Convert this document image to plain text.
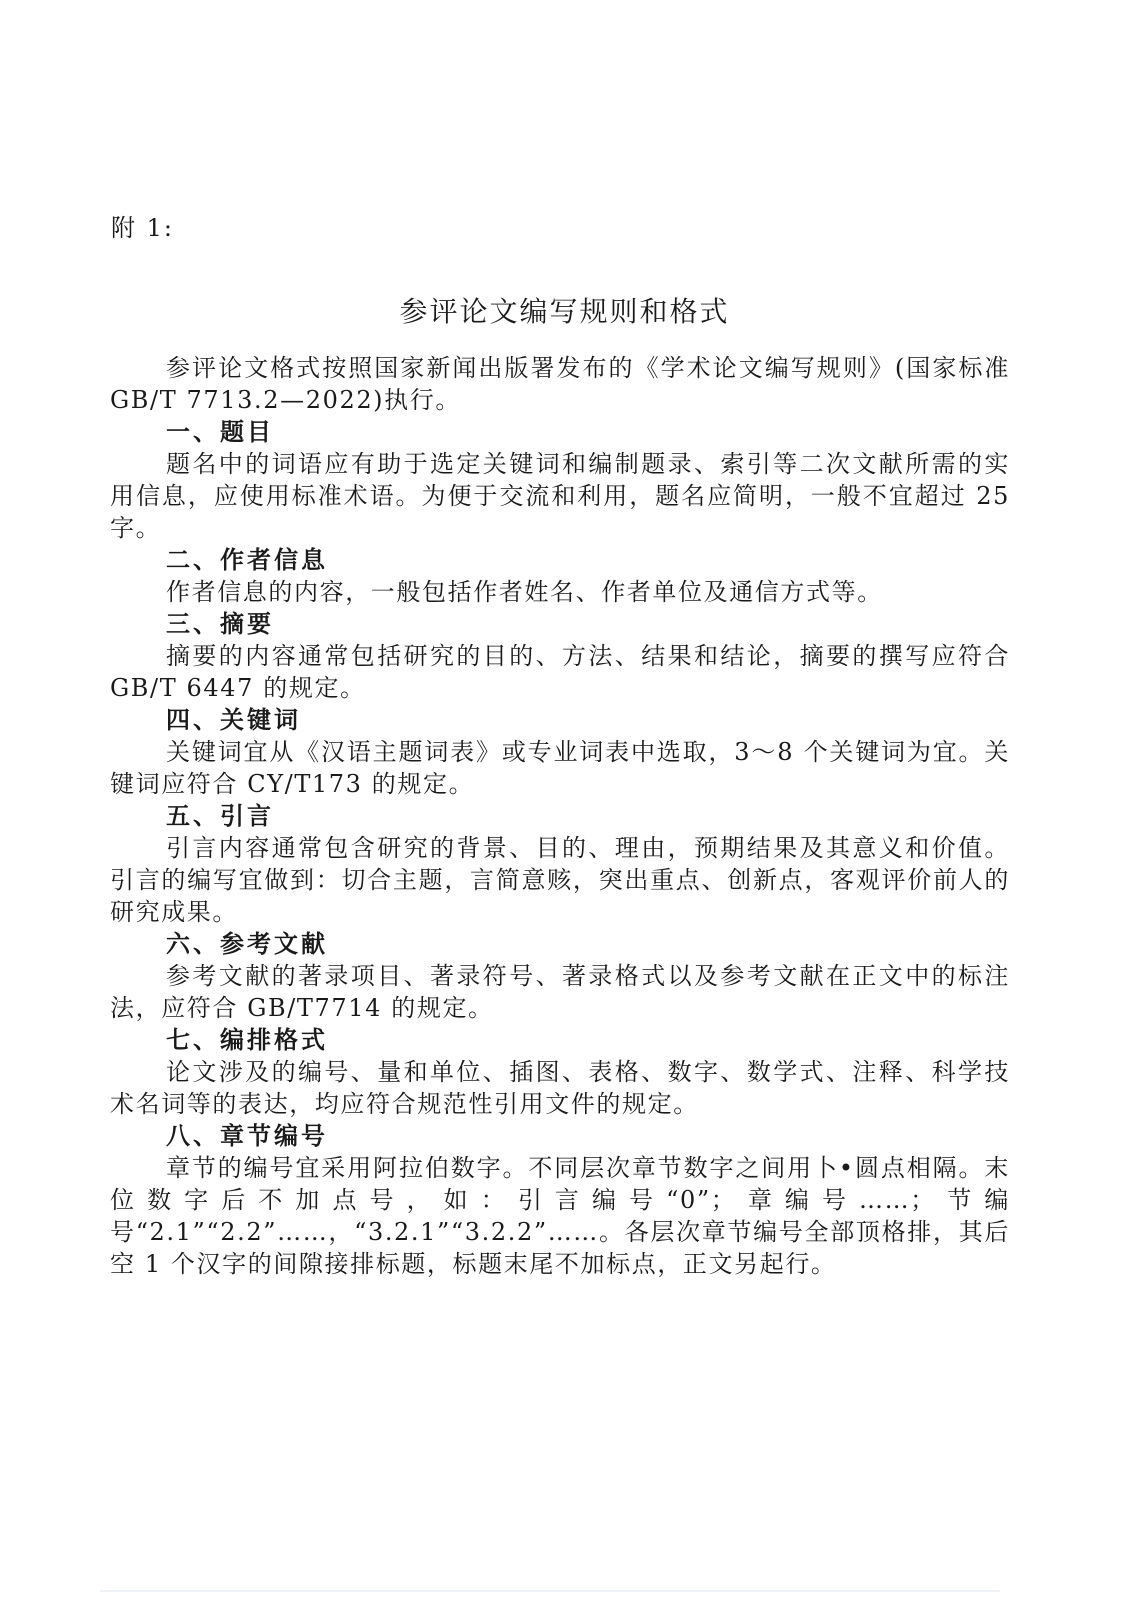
附 1:
参评论文编写规则和格式

参评论文格式按照国家新闻出版署发布的《学术论文编写规则》(国家标准 GB/T 7713.2—2022)执行。

一、题目

题名中的词语应有助于选定关键词和编制题录、索引等二次文献所需的实用信息，应使用标准术语。为便于交流和利用，题名应简明，一般不宜超过 25 字。

二、作者信息

作者信息的内容，一般包括作者姓名、作者单位及通信方式等。

三、摘要

摘要的内容通常包括研究的目的、方法、结果和结论，摘要的撰写应符合 GB/T 6447 的规定。

四、关键词

关键词宜从《汉语主题词表》或专业词表中选取，3～8 个关键词为宜。关键词应符合 CY/T173 的规定。

五、引言

引言内容通常包含研究的背景、目的、理由，预期结果及其意义和价值。引言的编写宜做到：切合主题，言简意赅，突出重点、创新点，客观评价前人的研究成果。

六、参考文献

参考文献的著录项目、著录符号、著录格式以及参考文献在正文中的标注法，应符合 GB/T7714 的规定。

七、编排格式

论文涉及的编号、量和单位、插图、表格、数字、数学式、注释、科学技术名词等的表达，均应符合规范性引用文件的规定。

八、章节编号

章节的编号宜采用阿拉伯数字。不同层次章节数字之间用卜•圆点相隔。末位数字后不加点号，如：引言编号“0”；章编号……；节编号“2.1”“2.2”……，“3.2.1”“3.2.2”……。各层次章节编号全部顶格排，其后空 1 个汉字的间隙接排标题，标题末尾不加标点，正文另起行。
